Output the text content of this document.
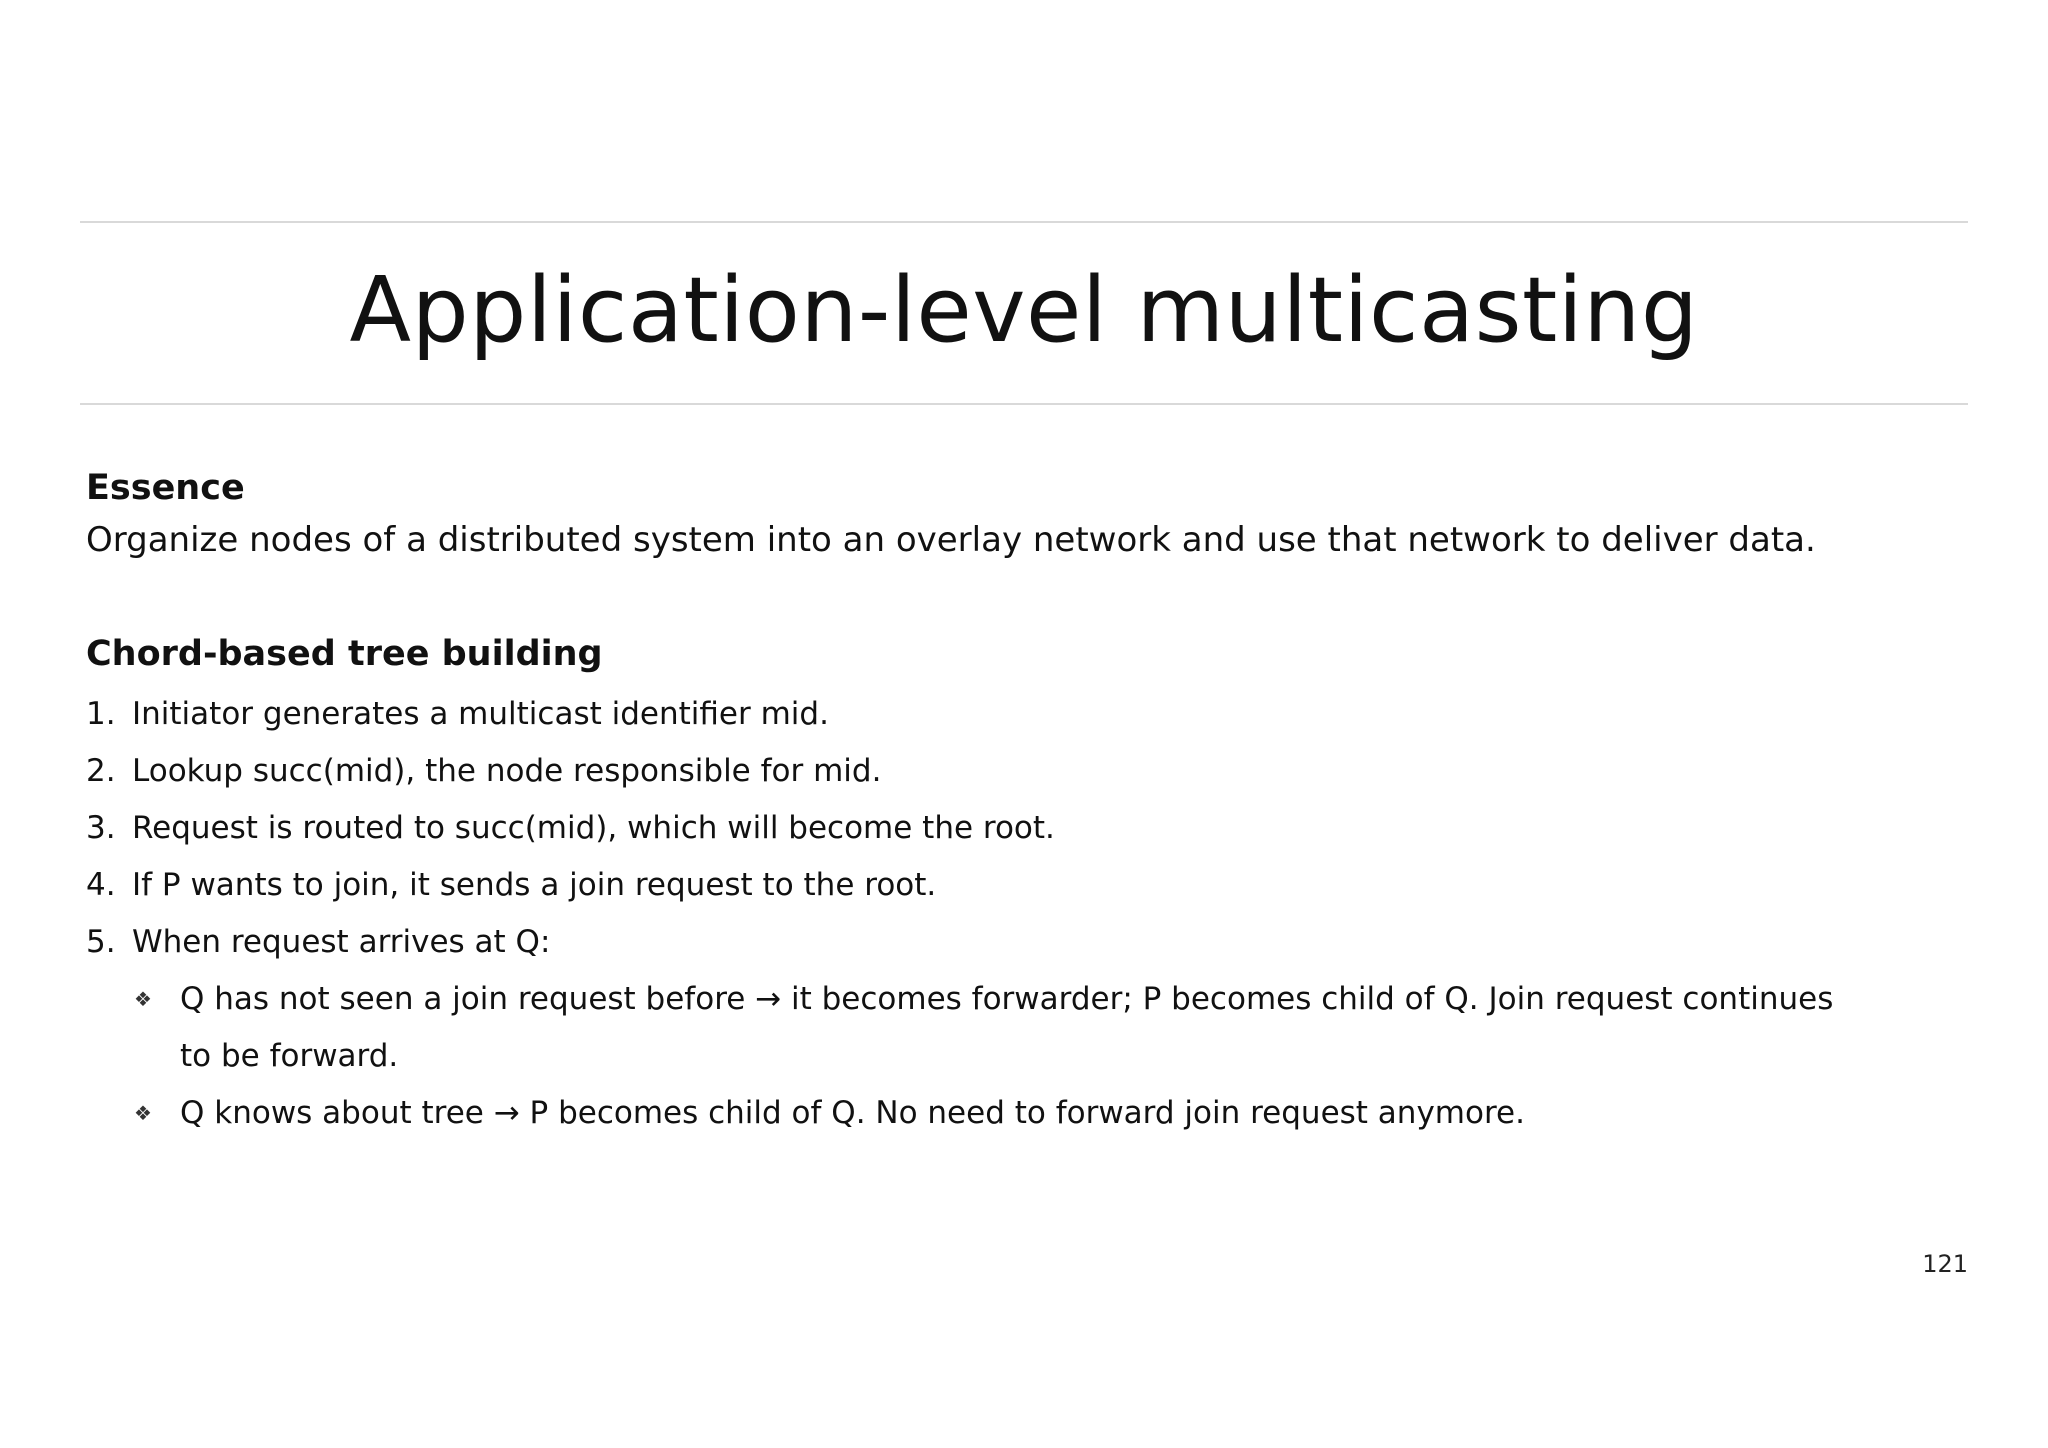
Application-level multicasting
Essence
Organize nodes of a distributed system into an overlay network and use that network to deliver data.
Chord-based tree building
1. Initiator generates a multicast identifier mid.
2. Lookup succ(mid), the node responsible for mid.
3. Request is routed to succ(mid), which will become the root.
4. If P wants to join, it sends a join request to the root.
5. When request arrives at Q:
❖ Q has not seen a join request before → it becomes forwarder; P becomes child of Q. Join request continues to be forward.
❖ Q knows about tree → P becomes child of Q. No need to forward join request anymore.
121
